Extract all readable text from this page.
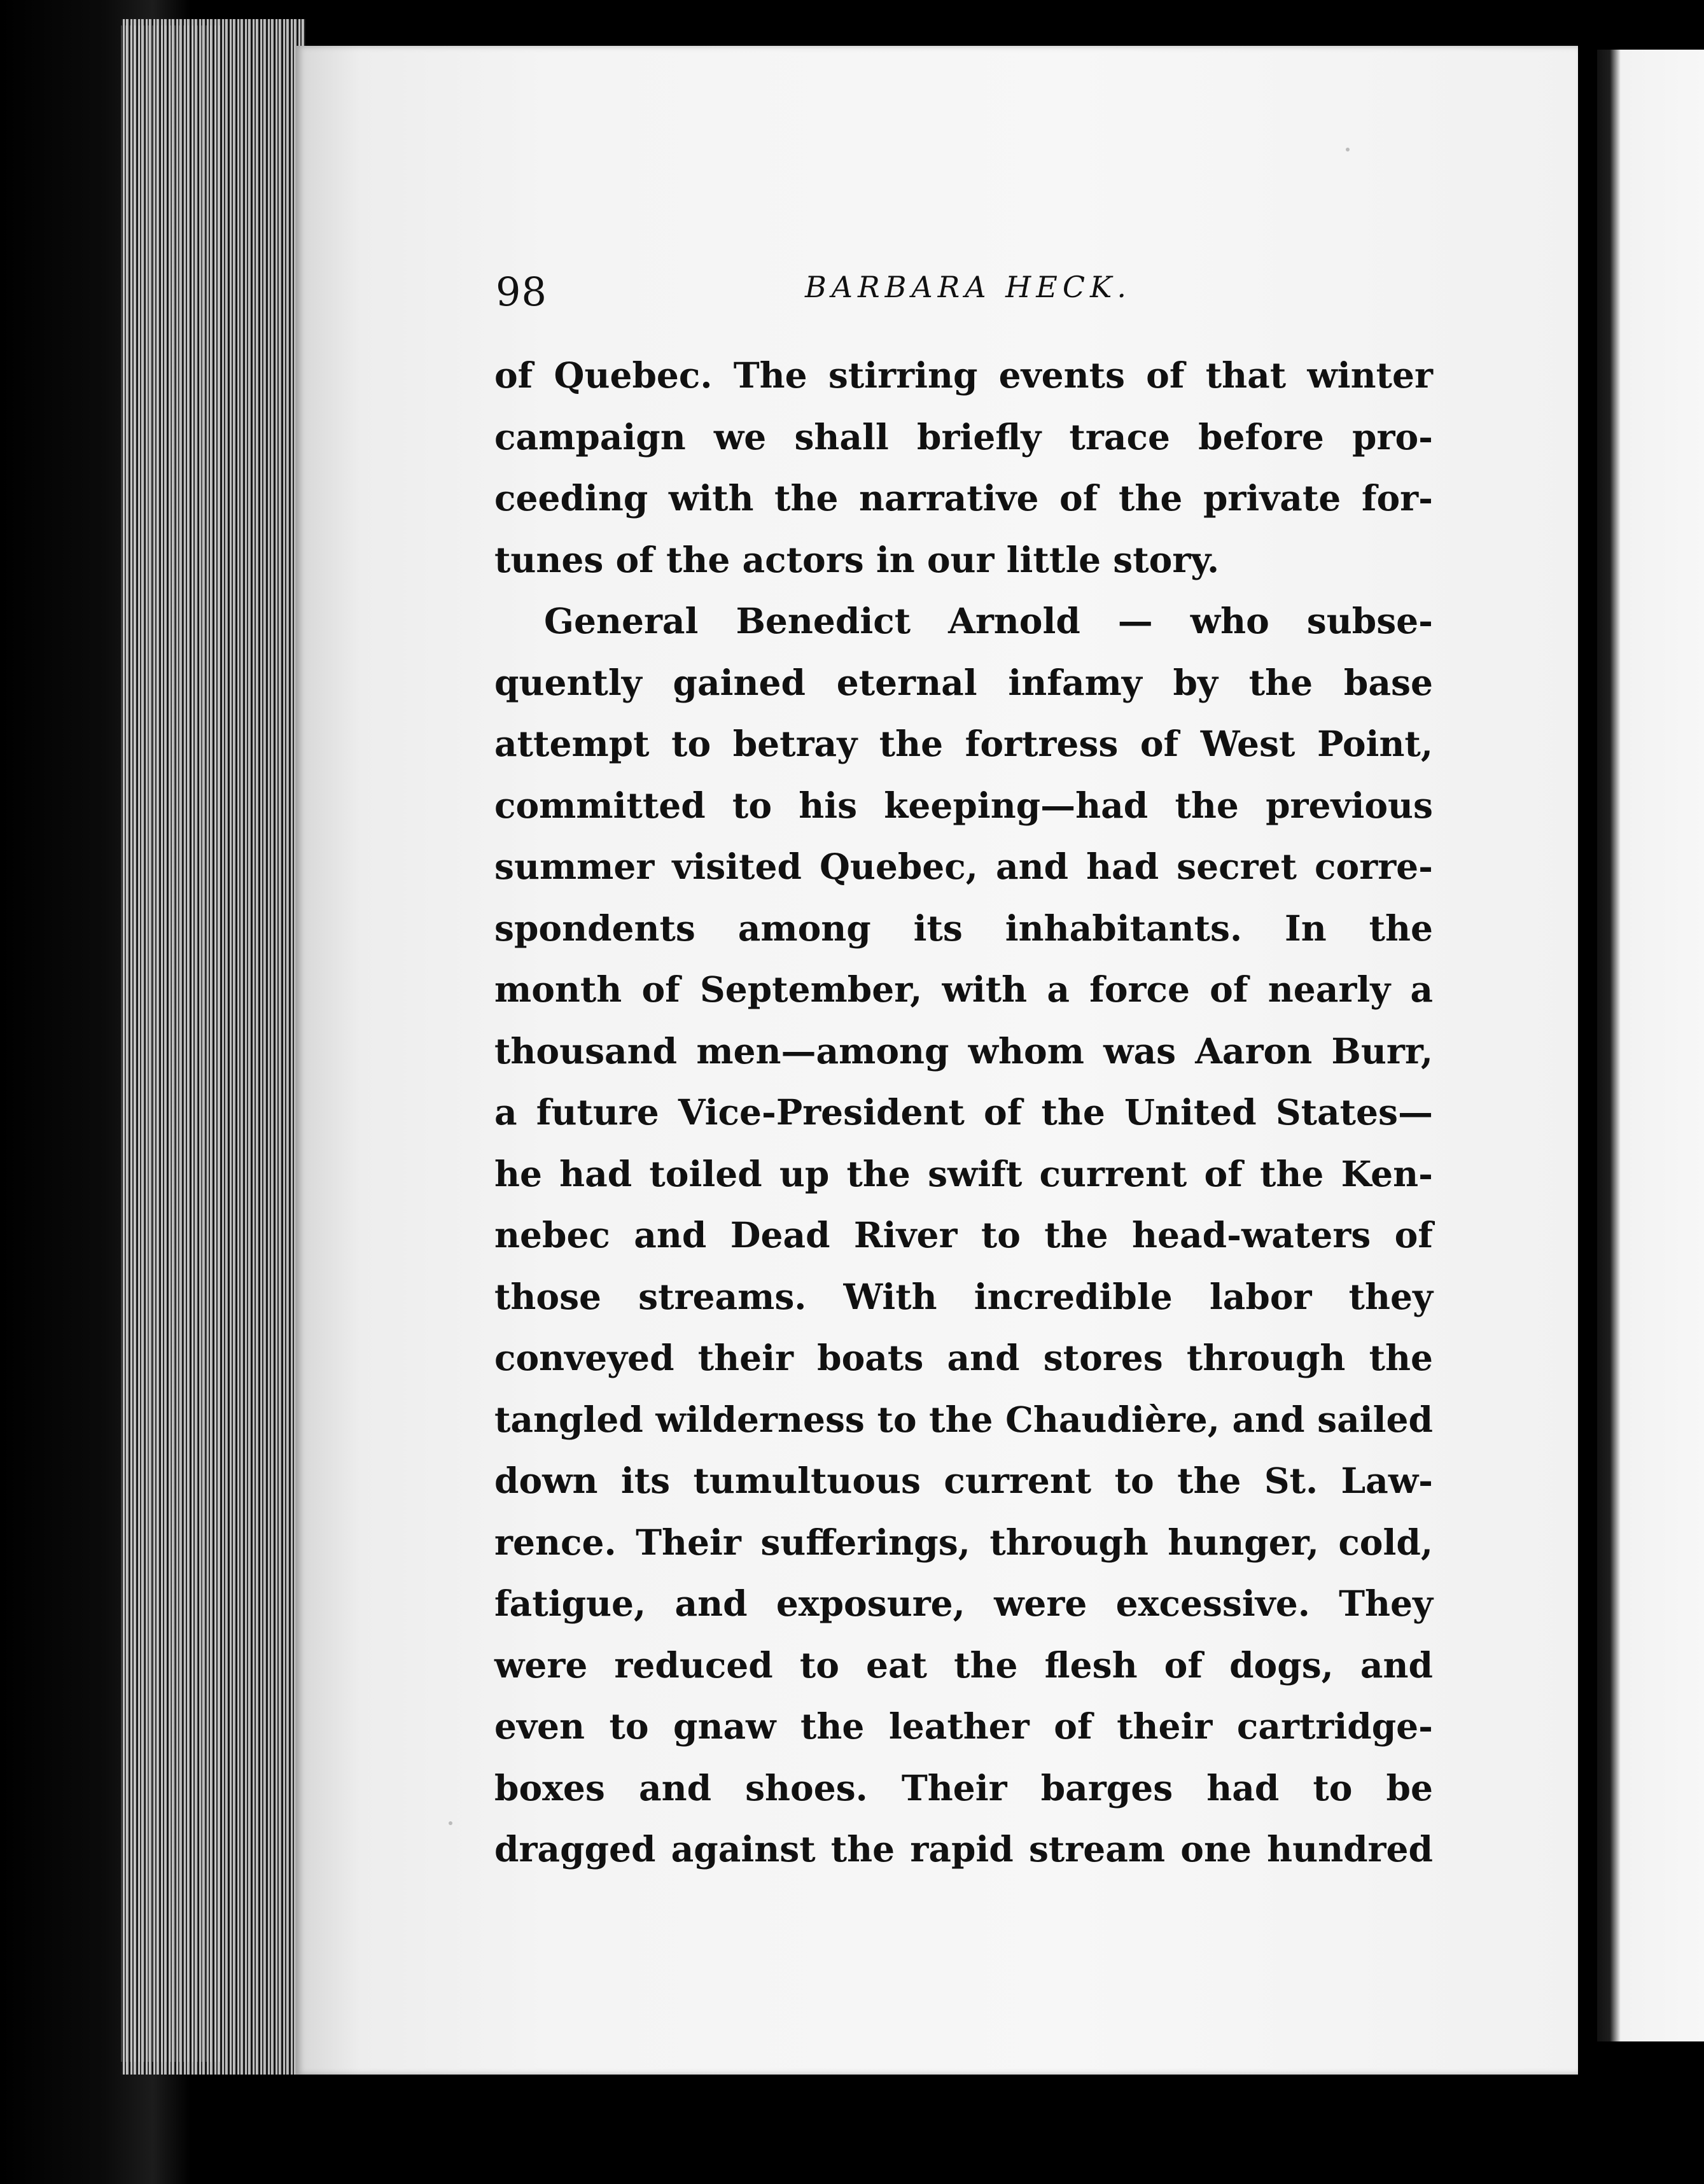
98	BARBARA HECK.
of Quebec. The stirring events of that winter
campaign we shall briefly trace before pro-
ceeding with the narrative of the private for-
tunes of the actors in our little story.
General Benedict Arnold — who subse-
quently gained eternal infamy by the base
attempt to betray the fortress of West Point,
committed to his keeping—had the previous
summer visited Quebec, and had secret corre-
spondents among its inhabitants. In the
month of September, with a force of nearly a
thousand men—among whom was Aaron Burr,
a future Vice-President of the United States—
he had toiled up the swift current of the Ken-
nebec and Dead River to the head-waters of
those streams. With incredible labor they
conveyed their boats and stores through the
tangled wilderness to the Chaudière, and sailed
down its tumultuous current to the St. Law-
rence. Their sufferings, through hunger, cold,
fatigue, and exposure, were excessive. They
were reduced to eat the flesh of dogs, and
even to gnaw the leather of their cartridge-
boxes and shoes. Their barges had to be
dragged against the rapid stream one hundred
